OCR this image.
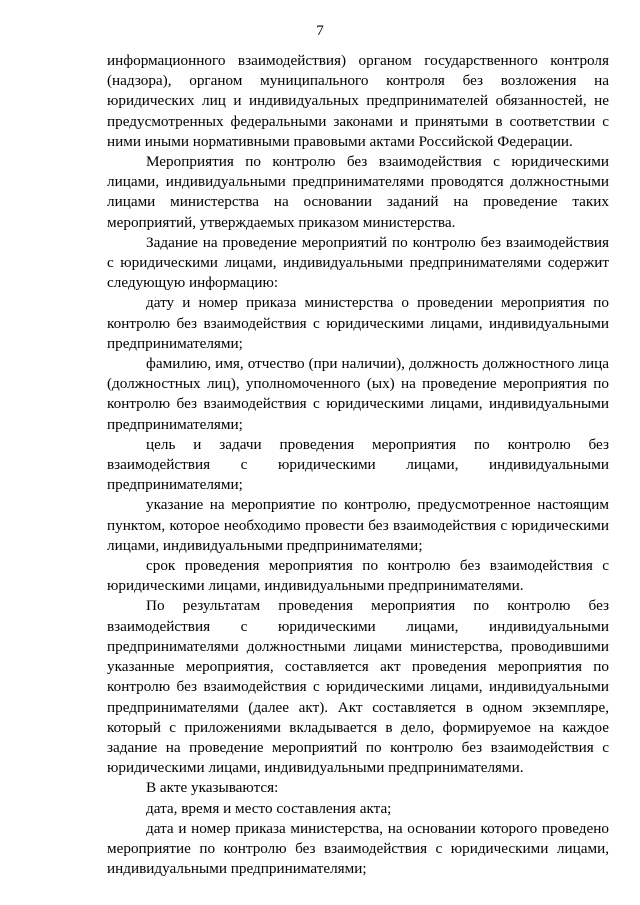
7

информационного взаимодействия) органом государственного контроля (надзора), органом муниципального контроля без возложения на юридических лиц и индивидуальных предпринимателей обязанностей, не предусмотренных федеральными законами и принятыми в соответствии с ними иными нормативными правовыми актами Российской Федерации.

Мероприятия по контролю без взаимодействия с юридическими лицами, индивидуальными предпринимателями проводятся должностными лицами министерства на основании заданий на проведение таких мероприятий, утверждаемых приказом министерства.

Задание на проведение мероприятий по контролю без взаимодействия с юридическими лицами, индивидуальными предпринимателями содержит следующую информацию:

дату и номер приказа министерства о проведении мероприятия по контролю без взаимодействия с юридическими лицами, индивидуальными предпринимателями;

фамилию, имя, отчество (при наличии), должность должностного лица (должностных лиц), уполномоченного (ых) на проведение мероприятия по контролю без взаимодействия с юридическими лицами, индивидуальными предпринимателями;

цель и задачи проведения мероприятия по контролю без взаимодействия с юридическими лицами, индивидуальными предпринимателями;

указание на мероприятие по контролю, предусмотренное настоящим пунктом, которое необходимо провести без взаимодействия с юридическими лицами, индивидуальными предпринимателями;

срок проведения мероприятия по контролю без взаимодействия с юридическими лицами, индивидуальными предпринимателями.

По результатам проведения мероприятия по контролю без взаимодействия с юридическими лицами, индивидуальными предпринимателями должностными лицами министерства, проводившими указанные мероприятия, составляется акт проведения мероприятия по контролю без взаимодействия с юридическими лицами, индивидуальными предпринимателями (далее акт). Акт составляется в одном экземпляре, который с приложениями вкладывается в дело, формируемое на каждое задание на проведение мероприятий по контролю без взаимодействия с юридическими лицами, индивидуальными предпринимателями.

В акте указываются:

дата, время и место составления акта;

дата и номер приказа министерства, на основании которого проведено мероприятие по контролю без взаимодействия с юридическими лицами, индивидуальными предпринимателями;
